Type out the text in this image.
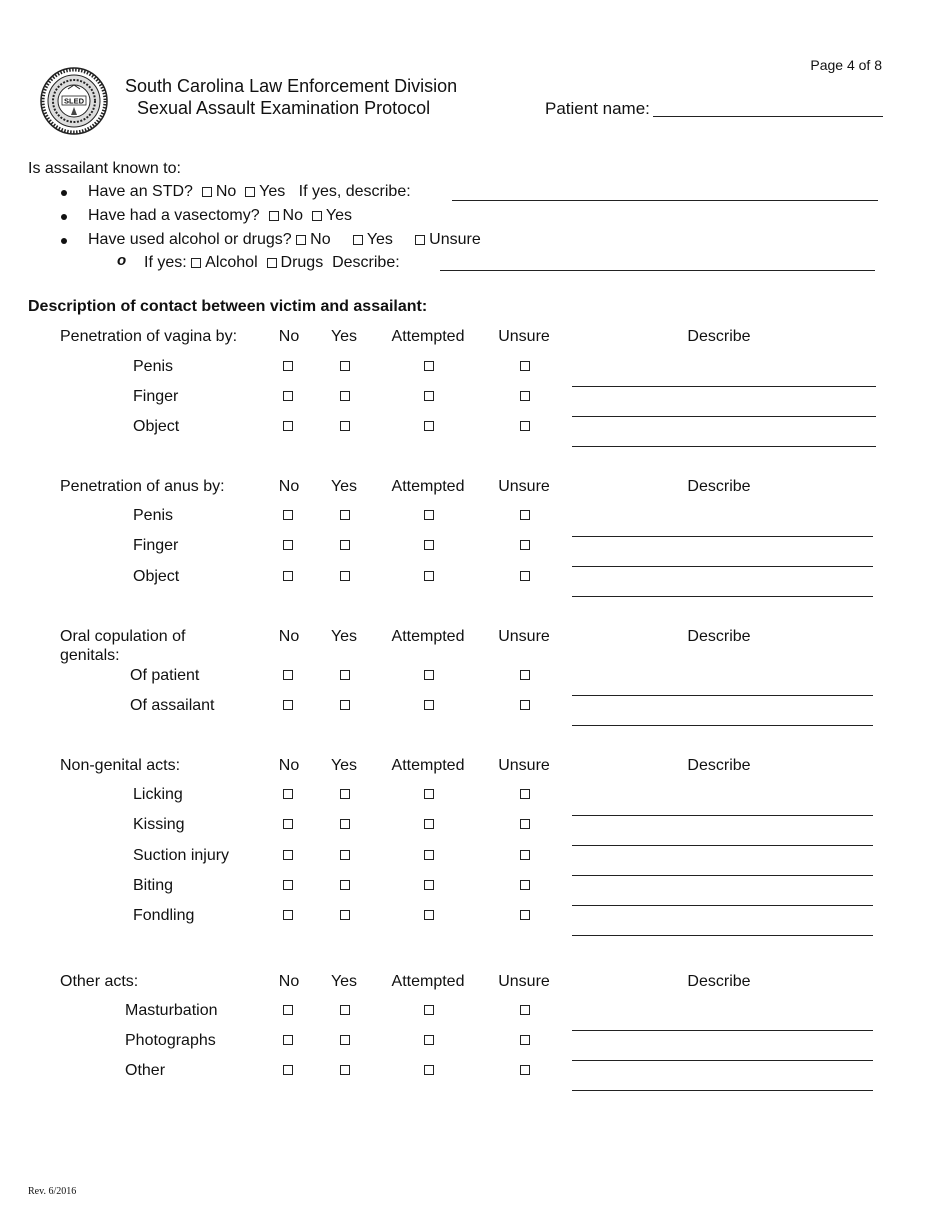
Page 4 of 8
SLED
South Carolina Law Enforcement Division
Sexual Assault Examination Protocol	Patient name:
Is assailant known to:
Have an STD? No Yes If yes, describe:
Have had a vasectomy? No Yes
Have used alcohol or drugs? No Yes Unsure
o If yes: Alcohol Drugs Describe:
Description of contact between victim and assailant:
Penetration of vagina by:	No Yes Attempted Unsure	Describe
Penis
Finger
Object
Penetration of anus by:	No Yes Attempted Unsure	Describe
Penis
Finger
Object
Oral copulation of
genitals:
No Yes Attempted Unsure	Describe
Of patient
Of assailant
Non-genital acts:	No Yes Attempted Unsure	Describe
Licking
Kissing
Suction injury
Biting
Fondling
Other acts:	No Yes Attempted Unsure	Describe
Masturbation
Photographs
Other
Rev. 6/2016
